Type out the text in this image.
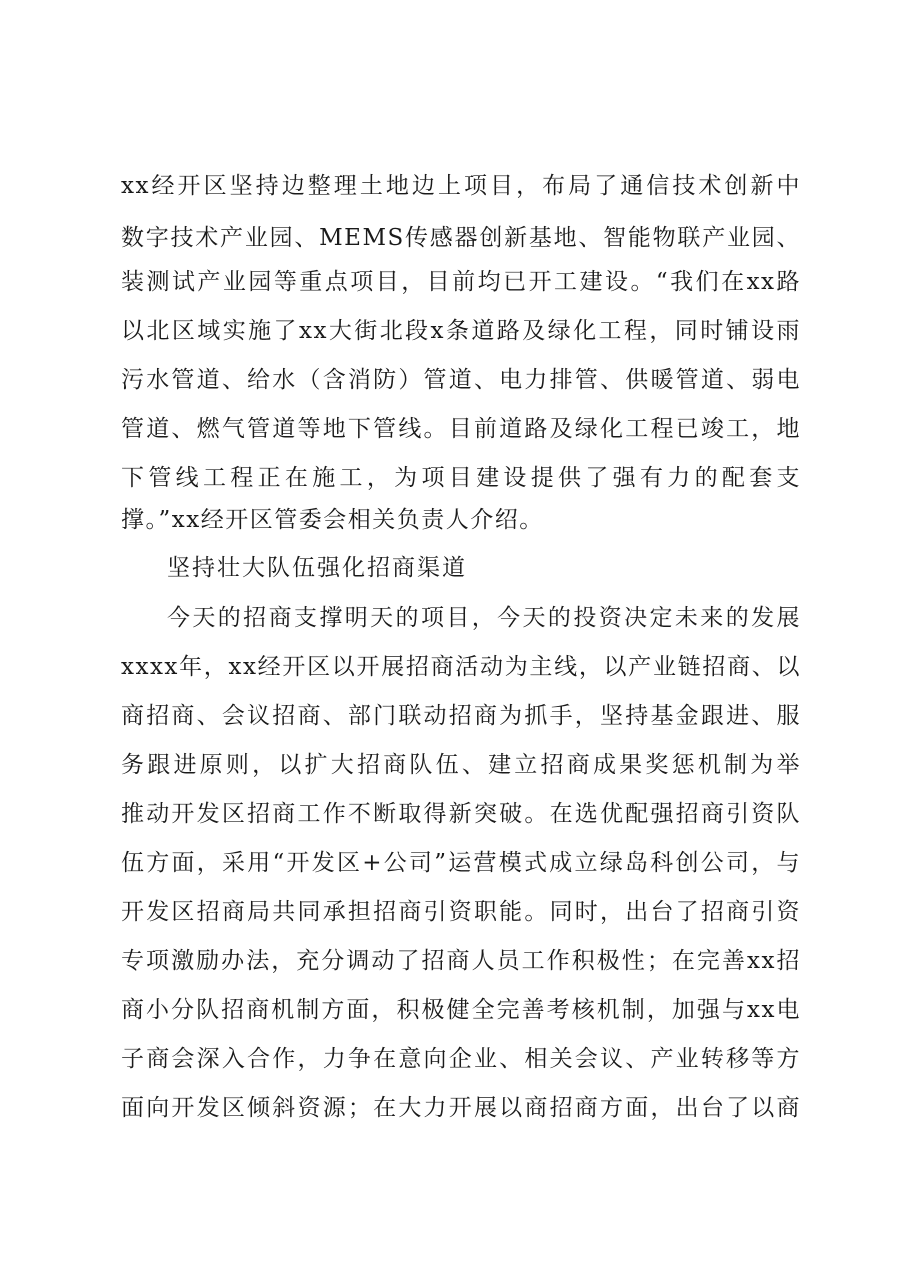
xx经开区坚持边整理土地边上项目，布局了通信技术创新中
数字技术产业园、MEMS传感器创新基地、智能物联产业园、
装测试产业园等重点项目，目前均已开工建设。“我们在xx路
以北区域实施了xx大街北段x条道路及绿化工程，同时铺设雨
污水管道、给水（含消防）管道、电力排管、供暖管道、弱电
管道、燃气管道等地下管线。目前道路及绿化工程已竣工，地
下管线工程正在施工，为项目建设提供了强有力的配套支
撑。”xx经开区管委会相关负责人介绍。
坚持壮大队伍强化招商渠道
今天的招商支撑明天的项目，今天的投资决定未来的发展
xxxx年，xx经开区以开展招商活动为主线，以产业链招商、以
商招商、会议招商、部门联动招商为抓手，坚持基金跟进、服
务跟进原则，以扩大招商队伍、建立招商成果奖惩机制为举
推动开发区招商工作不断取得新突破。在选优配强招商引资队
伍方面，采用“开发区+公司”运营模式成立绿岛科创公司，与
开发区招商局共同承担招商引资职能。同时，出台了招商引资
专项激励办法，充分调动了招商人员工作积极性；在完善xx招
商小分队招商机制方面，积极健全完善考核机制，加强与xx电
子商会深入合作，力争在意向企业、相关会议、产业转移等方
面向开发区倾斜资源；在大力开展以商招商方面，出台了以商
